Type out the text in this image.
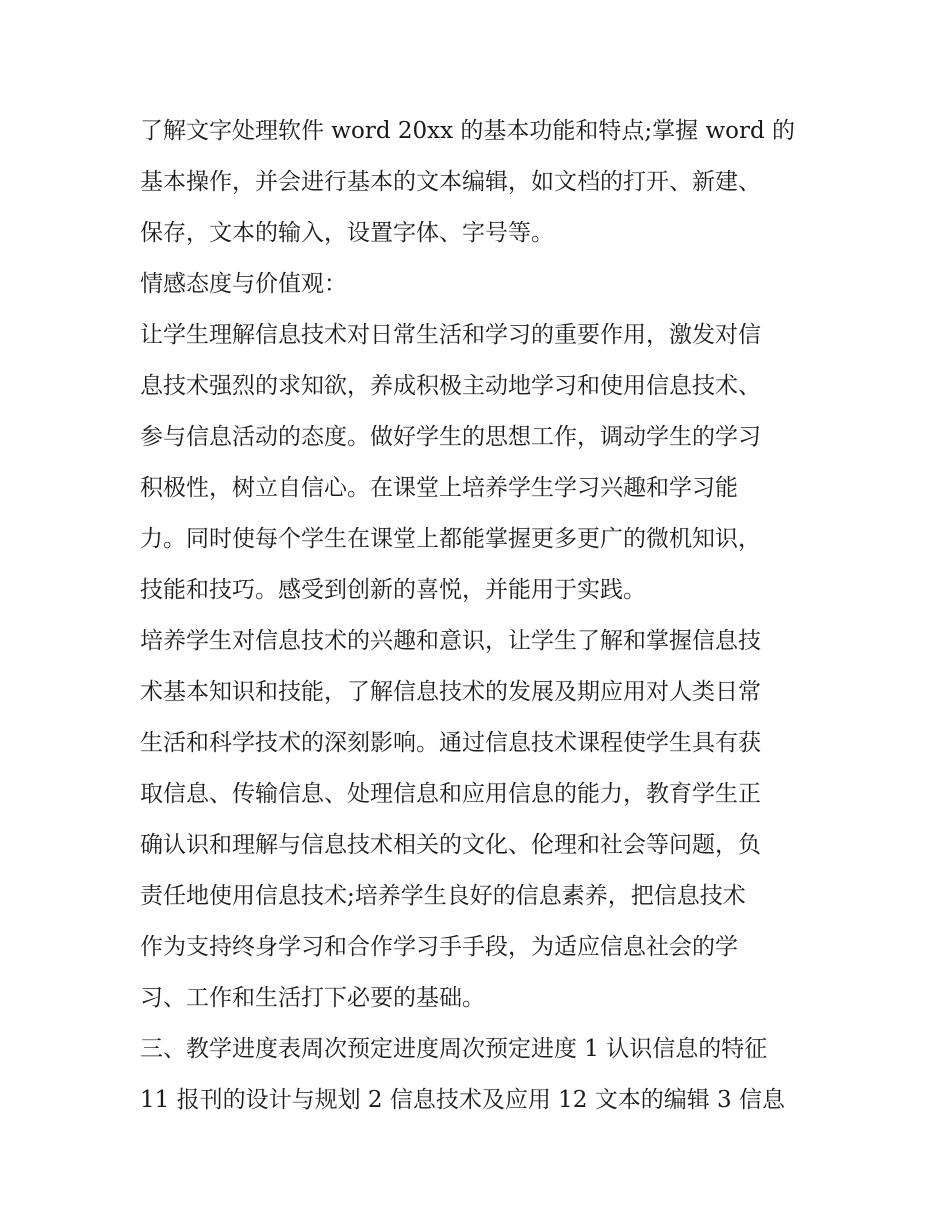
了解文字处理软件 word 20xx 的基本功能和特点;掌握 word 的
基本操作，并会进行基本的文本编辑，如文档的打开、新建、
保存，文本的输入，设置字体、字号等。
情感态度与价值观：
让学生理解信息技术对日常生活和学习的重要作用，激发对信
息技术强烈的求知欲，养成积极主动地学习和使用信息技术、
参与信息活动的态度。做好学生的思想工作，调动学生的学习
积极性，树立自信心。在课堂上培养学生学习兴趣和学习能
力。同时使每个学生在课堂上都能掌握更多更广的微机知识，
技能和技巧。感受到创新的喜悦，并能用于实践。
培养学生对信息技术的兴趣和意识，让学生了解和掌握信息技
术基本知识和技能，了解信息技术的发展及期应用对人类日常
生活和科学技术的深刻影响。通过信息技术课程使学生具有获
取信息、传输信息、处理信息和应用信息的能力，教育学生正
确认识和理解与信息技术相关的文化、伦理和社会等问题，负
责任地使用信息技术;培养学生良好的信息素养，把信息技术
作为支持终身学习和合作学习手手段，为适应信息社会的学
习、工作和生活打下必要的基础。
三、教学进度表周次预定进度周次预定进度 1 认识信息的特征
11 报刊的设计与规划 2 信息技术及应用 12 文本的编辑 3 信息
